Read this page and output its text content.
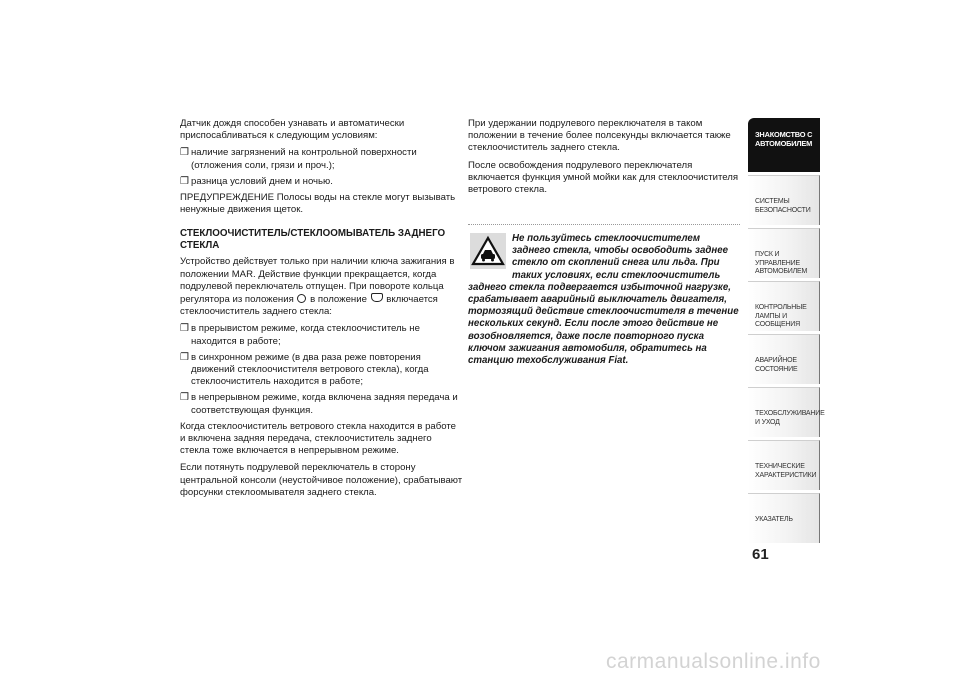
Датчик дождя способен узнавать и автоматически приспосабливаться к следующим условиям:

❐ наличие загрязнений на контрольной поверхности (отложения соли, грязи и проч.);
❐ разница условий днем и ночью.

ПРЕДУПРЕЖДЕНИЕ Полосы воды на стекле могут вызывать ненужные движения щеток.

СТЕКЛООЧИСТИТЕЛЬ/СТЕКЛООМЫВАТЕЛЬ ЗАДНЕГО СТЕКЛА

Устройство действует только при наличии ключа зажигания в положении MAR. Действие функции прекращается, когда подрулевой переключатель отпущен. При повороте кольца регулятора из положения в положение включается стеклоочиститель заднего стекла:

❐ в прерывистом режиме, когда стеклоочиститель не находится в работе;
❐ в синхронном режиме (в два раза реже повторения движений стеклоочистителя ветрового стекла), когда стеклоочиститель находится в работе;
❐ в непрерывном режиме, когда включена задняя передача и соответствующая функция.

Когда стеклоочиститель ветрового стекла находится в работе и включена задняя передача, стеклоочиститель заднего стекла тоже включается в непрерывном режиме.

Если потянуть подрулевой переключатель в сторону центральной консоли (неустойчивое положение), срабатывают форсунки стеклоомывателя заднего стекла.

При удержании подрулевого переключателя в таком положении в течение более полсекунды включается также стеклоочиститель заднего стекла.

После освобождения подрулевого переключателя включается функция умной мойки как для стеклоочистителя ветрового стекла.

Не пользуйтесь стеклоочистителем заднего стекла, чтобы освободить заднее стекло от скоплений снега или льда. При таких условиях, если стеклоочиститель
заднего стекла подвергается избыточной нагрузке, срабатывает аварийный выключатель двигателя, тормозящий действие стеклоочистителя в течение нескольких секунд. Если после этого действие не возобновляется, даже после повторного пуска ключом зажигания автомобиля, обратитесь на станцию техобслуживания Fiat.
ЗНАКОМСТВО С АВТОМОБИЛЕМ
СИСТЕМЫ БЕЗОПАСНОСТИ
ПУСК И УПРАВЛЕНИЕ АВТОМОБИЛЕМ
КОНТРОЛЬНЫЕ ЛАМПЫ И СООБЩЕНИЯ
АВАРИЙНОЕ СОСТОЯНИЕ
ТЕХОБСЛУЖИВАНИЕ И УХОД
ТЕХНИЧЕСКИЕ ХАРАКТЕРИСТИКИ
УКАЗАТЕЛЬ
61
carmanualsonline.info
